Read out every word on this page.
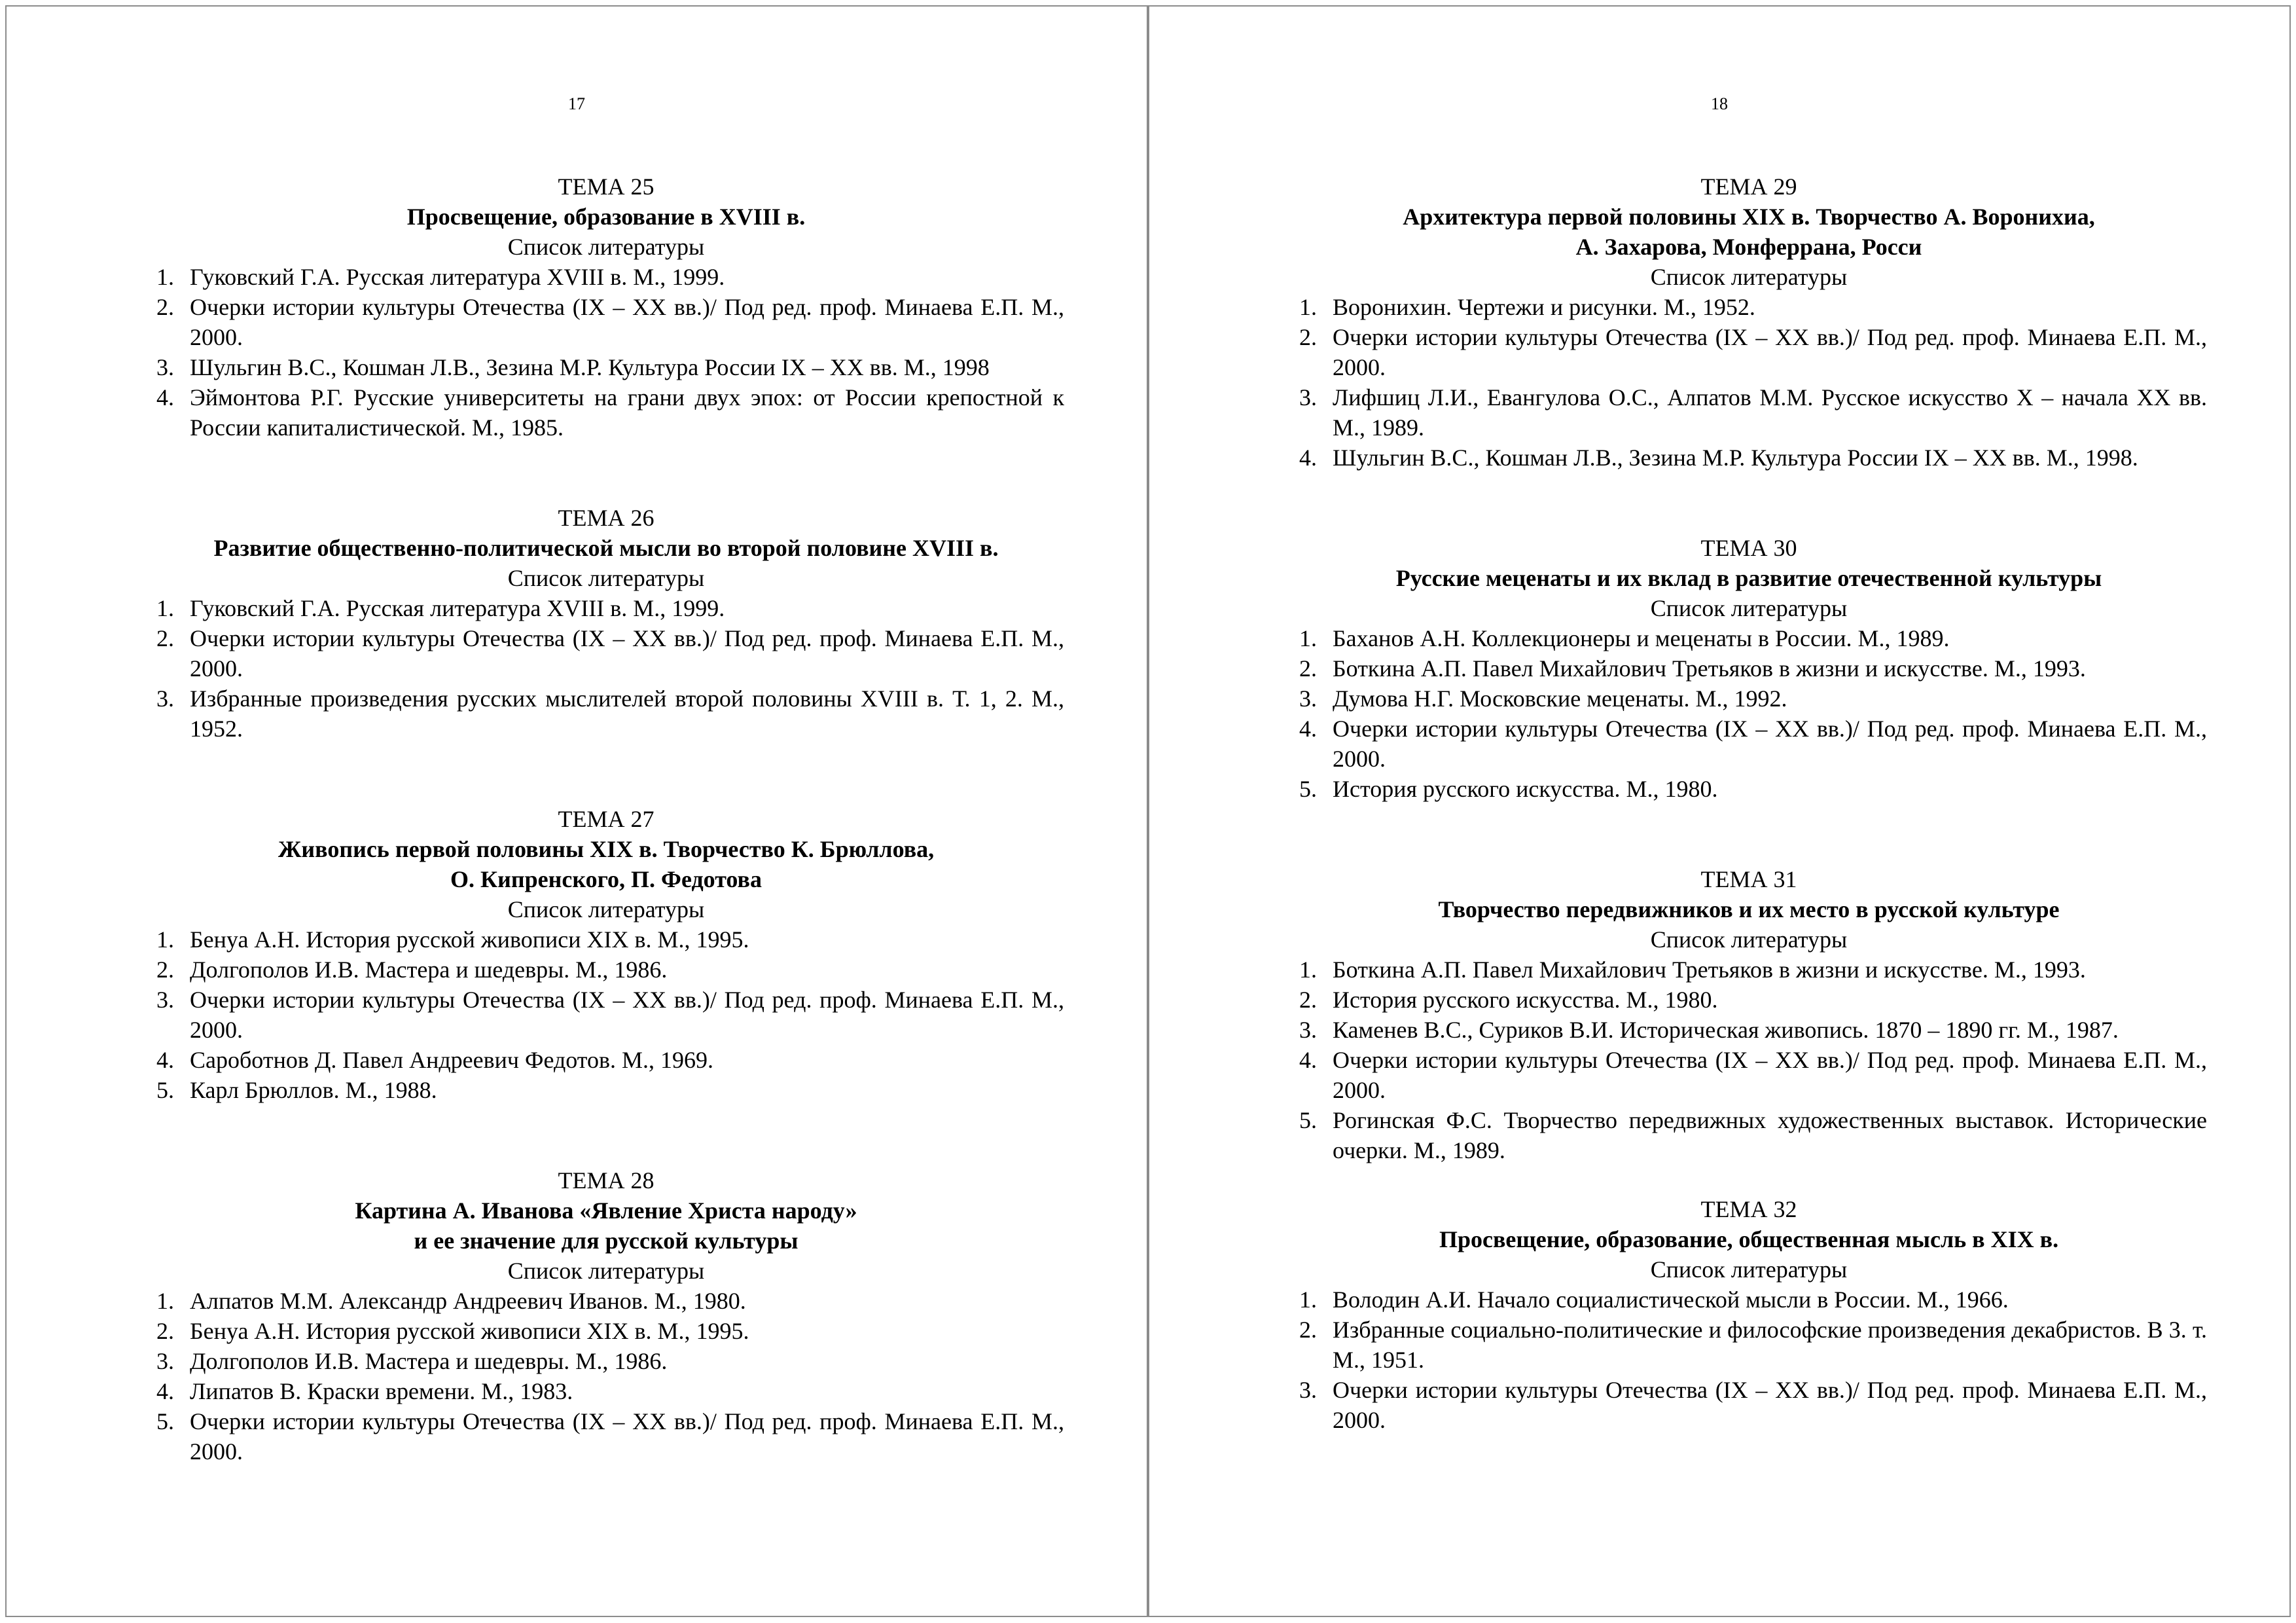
17
ТЕМА 25
Просвещение, образование в XVIII в.
Список литературы
1. Гуковский Г.А. Русская литература XVIII в. М., 1999.
2. Очерки истории культуры Отечества (IX – XX вв.)/ Под ред. проф. Минаева Е.П. М., 2000.
3. Шульгин В.С., Кошман Л.В., Зезина М.Р. Культура России IX – XX вв. М., 1998
4. Эймонтова Р.Г. Русские университеты на грани двух эпох: от России крепостной к России капиталистической. М., 1985.
ТЕМА 26
Развитие общественно-политической мысли во второй половине XVIII в.
Список литературы
1. Гуковский Г.А. Русская литература XVIII в. М., 1999.
2. Очерки истории культуры Отечества (IX – XX вв.)/ Под ред. проф. Минаева Е.П. М., 2000.
3. Избранные произведения русских мыслителей второй половины XVIII в. Т. 1, 2. М., 1952.
ТЕМА 27
Живопись первой половины XIX в. Творчество К. Брюллова,
О. Кипренского, П. Федотова
Список литературы
1. Бенуа А.Н. История русской живописи XIX в. М., 1995.
2. Долгополов И.В. Мастера и шедевры. М., 1986.
3. Очерки истории культуры Отечества (IX – XX вв.)/ Под ред. проф. Минаева Е.П. М., 2000.
4. Сароботнов Д. Павел Андреевич Федотов. М., 1969.
5. Карл Брюллов. М., 1988.
ТЕМА 28
Картина А. Иванова «Явление Христа народу»
и ее значение для русской культуры
Список литературы
1. Алпатов М.М. Александр Андреевич Иванов. М., 1980.
2. Бенуа А.Н. История русской живописи XIX в. М., 1995.
3. Долгополов И.В. Мастера и шедевры. М., 1986.
4. Липатов В. Краски времени. М., 1983.
5. Очерки истории культуры Отечества (IX – XX вв.)/ Под ред. проф. Минаева Е.П. М., 2000.
18
ТЕМА 29
Архитектура первой половины XIX в. Творчество А. Воронихиа,
А. Захарова, Монферрана, Росси
Список литературы
1. Воронихин. Чертежи и рисунки. М., 1952.
2. Очерки истории культуры Отечества (IX – XX вв.)/ Под ред. проф. Минаева Е.П. М., 2000.
3. Лифшиц Л.И., Евангулова О.С., Алпатов М.М. Русское искусство X – начала XX вв. М., 1989.
4. Шульгин В.С., Кошман Л.В., Зезина М.Р. Культура России IX – XX вв. М., 1998.
ТЕМА 30
Русские меценаты и их вклад в развитие отечественной культуры
Список литературы
1. Баханов А.Н. Коллекционеры и меценаты в России. М., 1989.
2. Боткина А.П. Павел Михайлович Третьяков в жизни и искусстве. М., 1993.
3. Думова Н.Г. Московские меценаты. М., 1992.
4. Очерки истории культуры Отечества (IX – XX вв.)/ Под ред. проф. Минаева Е.П. М., 2000.
5. История русского искусства. М., 1980.
ТЕМА 31
Творчество передвижников и их место в русской культуре
Список литературы
1. Боткина А.П. Павел Михайлович Третьяков в жизни и искусстве. М., 1993.
2. История русского искусства. М., 1980.
3. Каменев В.С., Суриков В.И. Историческая живопись. 1870 – 1890 гг. М., 1987.
4. Очерки истории культуры Отечества (IX – XX вв.)/ Под ред. проф. Минаева Е.П. М., 2000.
5. Рогинская Ф.С. Творчество передвижных художественных выставок. Исторические очерки. М., 1989.
ТЕМА 32
Просвещение, образование, общественная мысль в XIX в.
Список литературы
1. Володин А.И. Начало социалистической мысли в России. М., 1966.
2. Избранные социально-политические и философские произведения декабристов. В 3. т. М., 1951.
3. Очерки истории культуры Отечества (IX – XX вв.)/ Под ред. проф. Минаева Е.П. М., 2000.
